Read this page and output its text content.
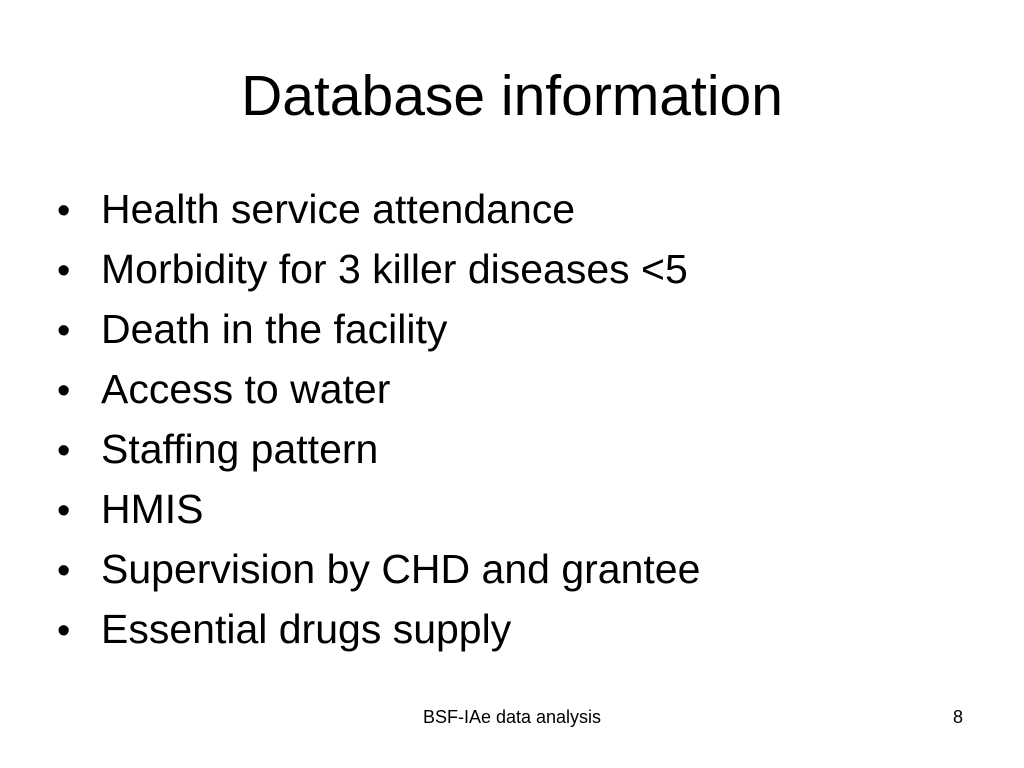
Database information
• Health service attendance
• Morbidity for 3 killer diseases <5
• Death in the facility
• Access to water
• Staffing pattern
• HMIS
• Supervision by CHD and grantee
• Essential drugs supply
BSF-IAe data analysis	8
